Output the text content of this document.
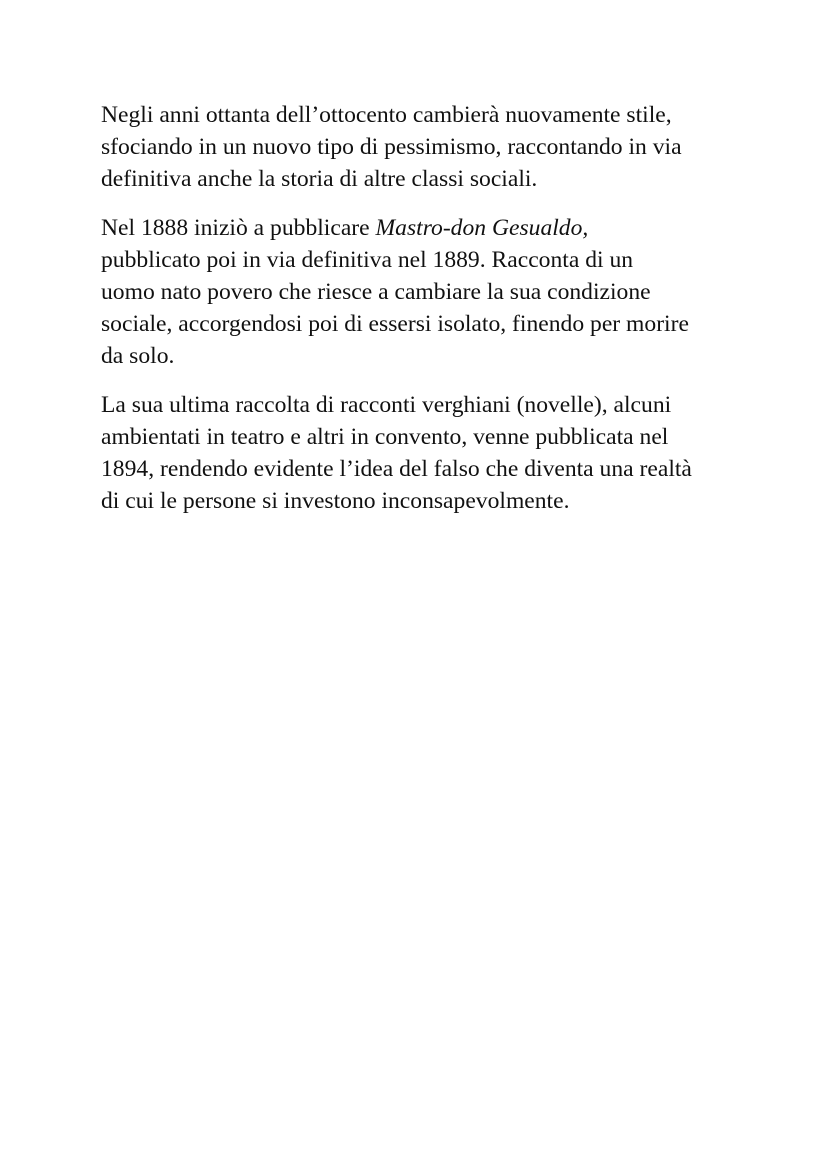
Negli anni ottanta dell’ottocento cambierà nuovamente stile,
sfociando in un nuovo tipo di pessimismo, raccontando in via
definitiva anche la storia di altre classi sociali.

Nel 1888 iniziò a pubblicare Mastro-don Gesualdo,
pubblicato poi in via definitiva nel 1889. Racconta di un
uomo nato povero che riesce a cambiare la sua condizione
sociale, accorgendosi poi di essersi isolato, finendo per morire
da solo.

La sua ultima raccolta di racconti verghiani (novelle), alcuni
ambientati in teatro e altri in convento, venne pubblicata nel
1894, rendendo evidente l’idea del falso che diventa una realtà
di cui le persone si investono inconsapevolmente.
